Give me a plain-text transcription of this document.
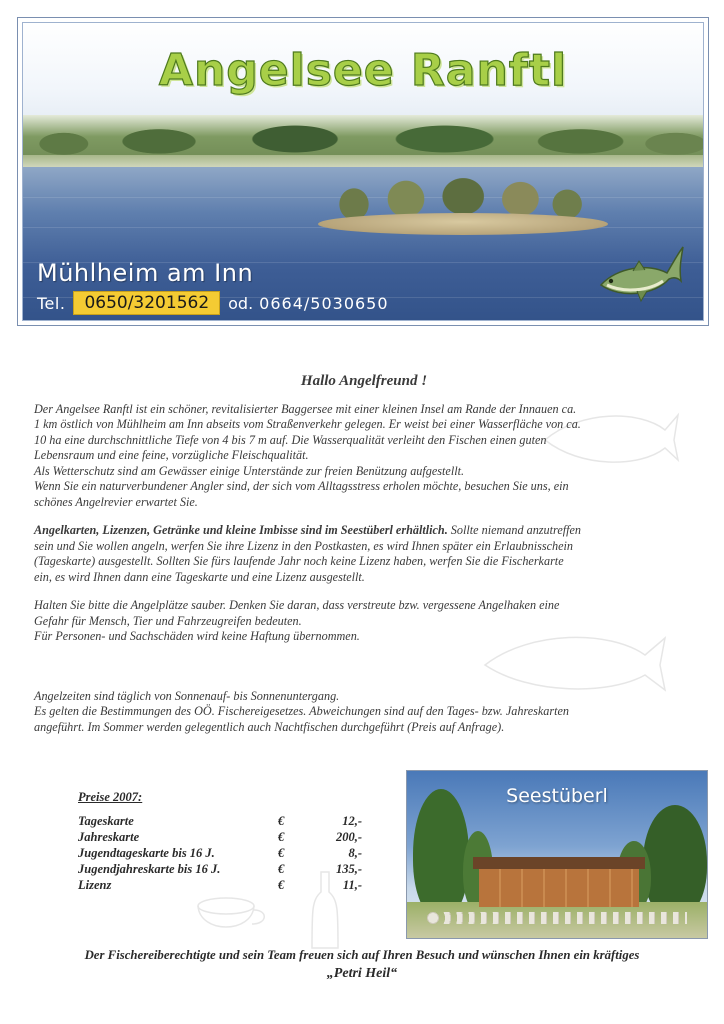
Angelsee Ranftl
Mühlheim am Inn
Tel.	0650/3201562	od. 0664/5030650
Hallo Angelfreund !
Der Angelsee Ranftl ist ein schöner, revitalisierter Baggersee mit einer kleinen Insel am Rande der Innauen ca.
1 km östlich von Mühlheim am Inn abseits vom Straßenverkehr gelegen. Er weist bei einer Wasserfläche von ca.
10 ha eine durchschnittliche Tiefe von 4 bis 7 m auf. Die Wasserqualität verleiht den Fischen einen guten
Lebensraum und eine feine, vorzügliche Fleischqualität.
Als Wetterschutz sind am Gewässer einige Unterstände zur freien Benützung aufgestellt.
Wenn Sie ein naturverbundener Angler sind, der sich vom Alltagsstress erholen möchte, besuchen Sie uns, ein
schönes Angelrevier erwartet Sie.
Angelkarten, Lizenzen, Getränke und kleine Imbisse sind im Seestüberl erhältlich. Sollte niemand anzutreffen
sein und Sie wollen angeln, werfen Sie ihre Lizenz in den Postkasten, es wird Ihnen später ein Erlaubnisschein
(Tageskarte) ausgestellt. Sollten Sie fürs laufende Jahr noch keine Lizenz haben, werfen Sie die Fischerkarte
ein, es wird Ihnen dann eine Tageskarte und eine Lizenz ausgestellt.
Halten Sie bitte die Angelplätze sauber. Denken Sie daran, dass verstreute bzw. vergessene Angelhaken eine
Gefahr für Mensch, Tier und Fahrzeugreifen bedeuten.
Für Personen- und Sachschäden wird keine Haftung übernommen.
Angelzeiten sind täglich von Sonnenauf- bis Sonnenuntergang.
Es gelten die Bestimmungen des OÖ. Fischereigesetzes. Abweichungen sind auf den Tages- bzw. Jahreskarten
angeführt. Im Sommer werden gelegentlich auch Nachtfischen durchgeführt (Preis auf Anfrage).
Preise 2007:
Tageskarte	€	12,-
Jahreskarte	€	200,-
Jugendtageskarte bis 16 J.	€	8,-
Jugendjahreskarte bis 16 J.	€	135,-
Lizenz	€	11,-
Seestüberl
Der Fischereiberechtigte und sein Team freuen sich auf Ihren Besuch und wünschen Ihnen ein kräftiges
„Petri Heil“
